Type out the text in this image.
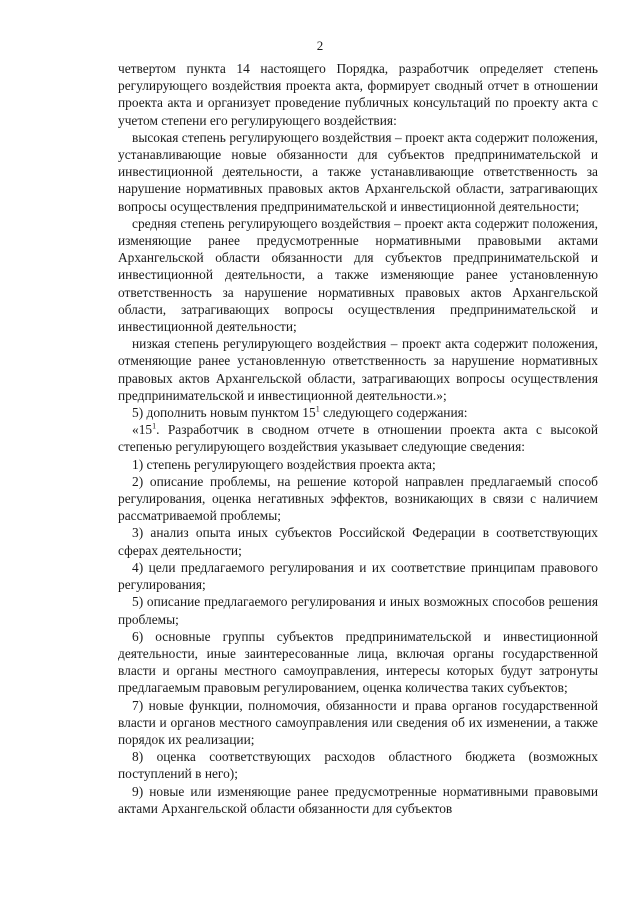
2

четвертом пункта 14 настоящего Порядка, разработчик определяет степень регулирующего воздействия проекта акта, формирует сводный отчет в отношении проекта акта и организует проведение публичных консультаций по проекту акта с учетом степени его регулирующего воздействия:

высокая степень регулирующего воздействия – проект акта содержит положения, устанавливающие новые обязанности для субъектов предпринимательской и инвестиционной деятельности, а также устанавливающие ответственность за нарушение нормативных правовых актов Архангельской области, затрагивающих вопросы осуществления предпринимательской и инвестиционной деятельности;

средняя степень регулирующего воздействия – проект акта содержит положения, изменяющие ранее предусмотренные нормативными правовыми актами Архангельской области обязанности для субъектов предпринимательской и инвестиционной деятельности, а также изменяющие ранее установленную ответственность за нарушение нормативных правовых актов Архангельской области, затрагивающих вопросы осуществления предпринимательской и инвестиционной деятельности;

низкая степень регулирующего воздействия – проект акта содержит положения, отменяющие ранее установленную ответственность за нарушение нормативных правовых актов Архангельской области, затрагивающих вопросы осуществления предпринимательской и инвестиционной деятельности.»;

5) дополнить новым пунктом $15^1$ следующего содержания:

«$15^1$. Разработчик в сводном отчете в отношении проекта акта с высокой степенью регулирующего воздействия указывает следующие сведения:

1) степень регулирующего воздействия проекта акта;

2) описание проблемы, на решение которой направлен предлагаемый способ регулирования, оценка негативных эффектов, возникающих в связи с наличием рассматриваемой проблемы;

3) анализ опыта иных субъектов Российской Федерации в соответствующих сферах деятельности;

4) цели предлагаемого регулирования и их соответствие принципам правового регулирования;

5) описание предлагаемого регулирования и иных возможных способов решения проблемы;

6) основные группы субъектов предпринимательской и инвестиционной деятельности, иные заинтересованные лица, включая органы государственной власти и органы местного самоуправления, интересы которых будут затронуты предлагаемым правовым регулированием, оценка количества таких субъектов;

7) новые функции, полномочия, обязанности и права органов государственной власти и органов местного самоуправления или сведения об их изменении, а также порядок их реализации;

8) оценка соответствующих расходов областного бюджета (возможных поступлений в него);

9) новые или изменяющие ранее предусмотренные нормативными правовыми актами Архангельской области обязанности для субъектов
